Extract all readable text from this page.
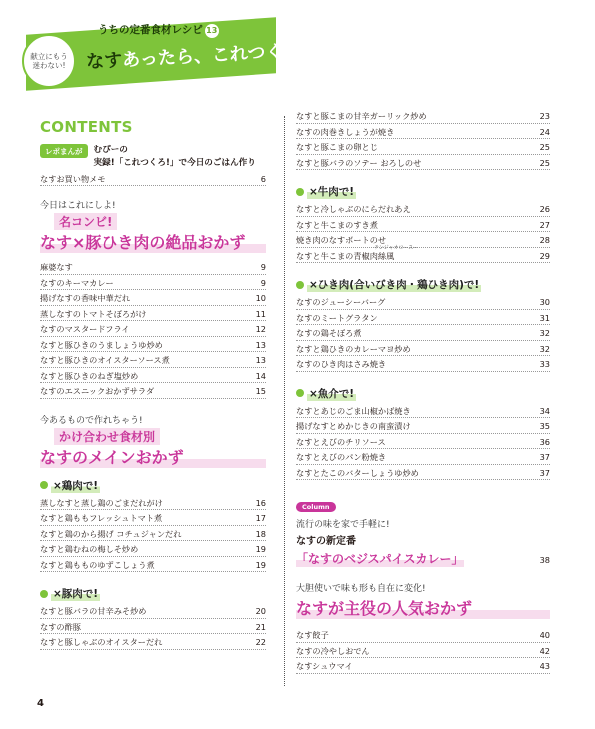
うちの定番食材レシピ 13
なすあったら、これつくろ!
献立にもう迷わない!
CONTENTS
レポまんが	むぴーの
実録!「これつくろ!」で今日のごはん作り
なすお買い物メモ	6
今日はこれにしよ!
名コンビ!
なす×豚ひき肉の絶品おかず
麻婆なす	9
なすのキーマカレー	9
揚げなすの香味中華だれ	10
蒸しなすのトマトそぼろがけ	11
なすのマスタードフライ	12
なすと豚ひきのうましょうゆ炒め	13
なすと豚ひきのオイスターソース煮	13
なすと豚ひきのねぎ塩炒め	14
なすのエスニックおかずサラダ	15
今あるもので作れちゃう!
かけ合わせ食材別
なすのメインおかず
×鶏肉で!
蒸しなすと蒸し鶏のごまだれがけ	16
なすと鶏ももフレッシュトマト煮	17
なすと鶏のから揚げ コチュジャンだれ	18
なすと鶏むねの梅しそ炒め	19
なすと鶏もものゆずこしょう煮	19
×豚肉で!
なすと豚バラの甘辛みそ炒め	20
なすの酢豚	21
なすと豚しゃぶのオイスターだれ	22
なすと豚こまの甘辛ガーリック炒め	23
なすの肉巻きしょうが焼き	24
なすと豚こまの卵とじ	25
なすと豚バラのソテー おろしのせ	25
×牛肉で!
なすと冷しゃぶのにらだれあえ	26
なすと牛こまのすき煮	27
焼き肉のなすボートのせ	28
チンジャオロースー
なすと牛こまの青椒肉絲風	29
×ひき肉(合いびき肉・鶏ひき肉)で!
なすのジューシーバーグ	30
なすのミートグラタン	31
なすの鶏そぼろ煮	32
なすと鶏ひきのカレーマヨ炒め	32
なすのひき肉はさみ焼き	33
×魚介で!
なすとあじのごま山椒かば焼き	34
揚げなすとめかじきの南蛮漬け	35
なすとえびのチリソース	36
なすとえびのパン粉焼き	37
なすとたこのバターしょうゆ炒め	37
Column
流行の味を家で手軽に!
なすの新定番
「なすのベジスパイスカレー」	38
大胆使いで味も形も自在に変化!
なすが主役の人気おかず
なす餃子	40
なすの冷やしおでん	42
なすシュウマイ	43
4
